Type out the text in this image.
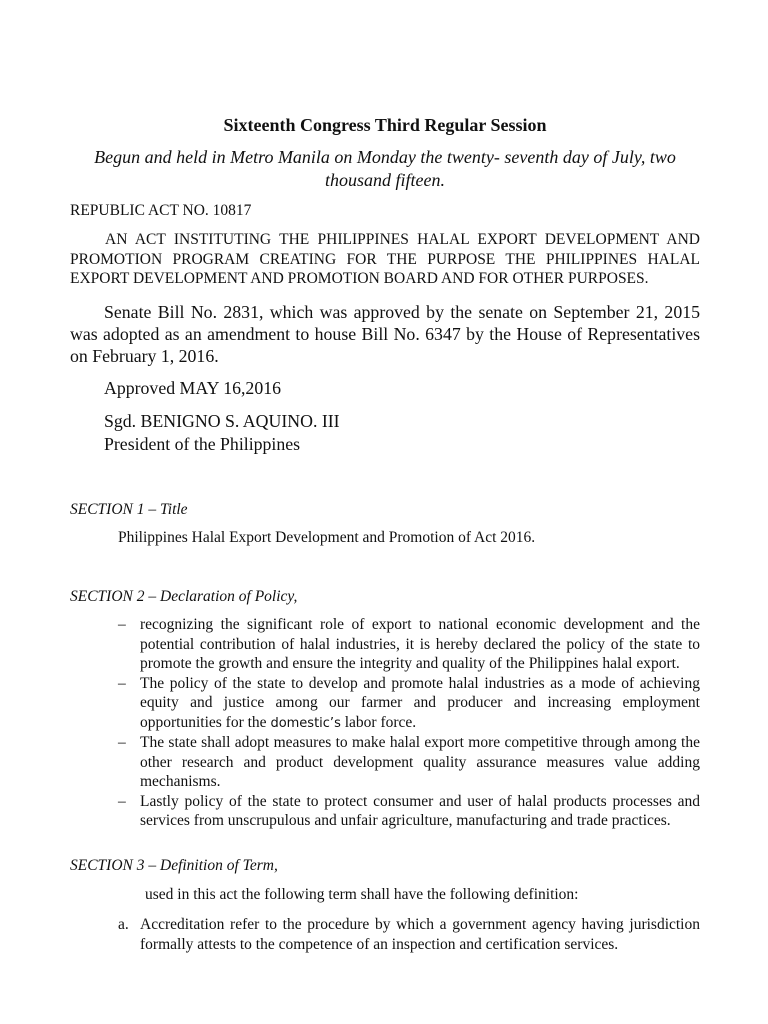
Sixteenth Congress Third Regular Session
Begun and held in Metro Manila on Monday the twenty- seventh day of July, two thousand fifteen.
REPUBLIC ACT NO. 10817
AN ACT INSTITUTING THE PHILIPPINES HALAL EXPORT DEVELOPMENT AND PROMOTION PROGRAM CREATING FOR THE PURPOSE THE PHILIPPINES HALAL EXPORT DEVELOPMENT AND PROMOTION BOARD AND FOR OTHER PURPOSES.
Senate Bill No. 2831, which was approved by the senate on September 21, 2015 was adopted as an amendment to house Bill No. 6347 by the House of Representatives on February 1, 2016.
Approved MAY 16,2016
Sgd. BENIGNO S. AQUINO. III
President of the Philippines
SECTION 1 – Title
Philippines Halal Export Development and Promotion of Act 2016.
SECTION 2 – Declaration of Policy,
– recognizing the significant role of export to national economic development and the potential contribution of halal industries, it is hereby declared the policy of the state to promote the growth and ensure the integrity and quality of the Philippines halal export.
– The policy of the state to develop and promote halal industries as a mode of achieving equity and justice among our farmer and producer and increasing employment opportunities for the domestic’s labor force.
– The state shall adopt measures to make halal export more competitive through among the other research and product development quality assurance measures value adding mechanisms.
– Lastly policy of the state to protect consumer and user of halal products processes and services from unscrupulous and unfair agriculture, manufacturing and trade practices.
SECTION 3 – Definition of Term,
used in this act the following term shall have the following definition:
a. Accreditation refer to the procedure by which a government agency having jurisdiction formally attests to the competence of an inspection and certification services.
